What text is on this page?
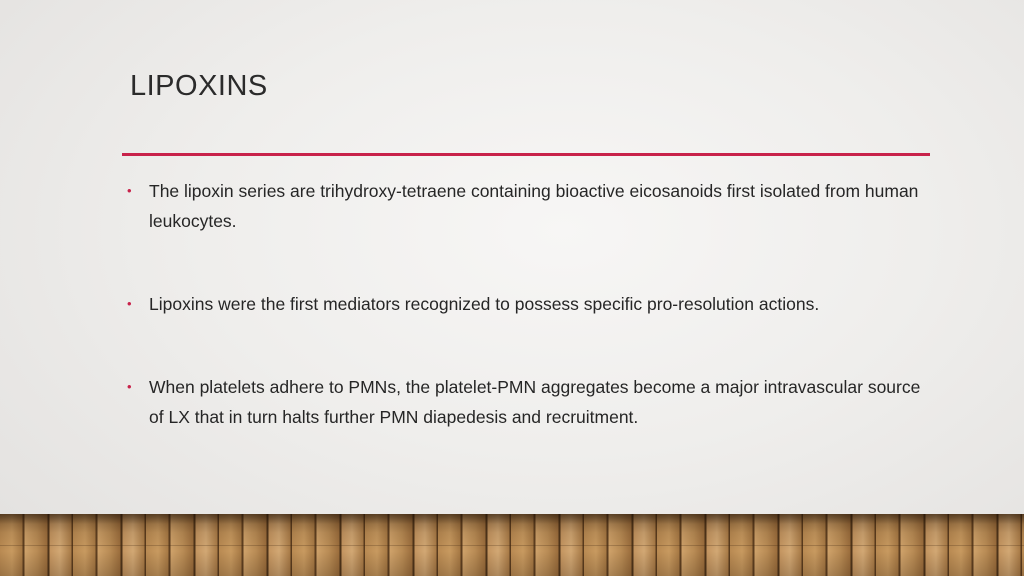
LIPOXINS
• The lipoxin series are trihydroxy-tetraene containing bioactive eicosanoids first isolated from human leukocytes.
• Lipoxins were the first mediators recognized to possess specific pro-resolution actions.
• When platelets adhere to PMNs, the platelet-PMN aggregates become a major intravascular source of LX that in turn halts further PMN diapedesis and recruitment.
